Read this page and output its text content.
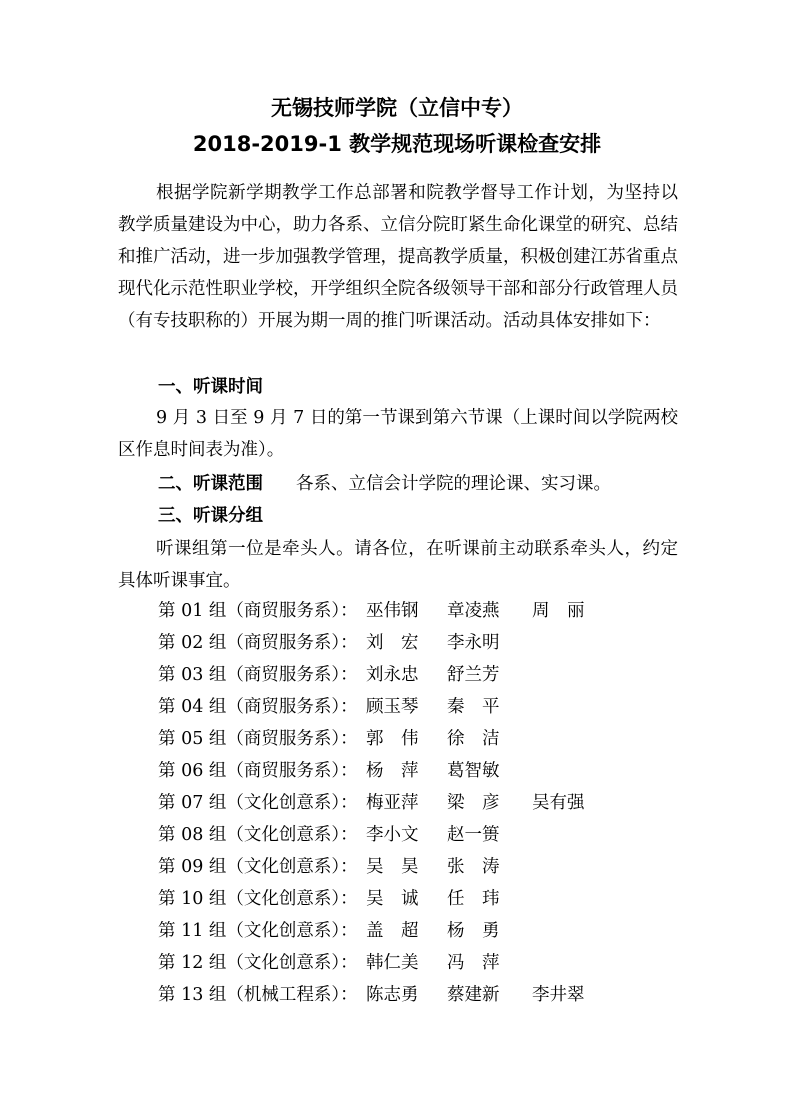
无锡技师学院（立信中专）
2018-2019-1 教学规范现场听课检查安排
根据学院新学期教学工作总部署和院教学督导工作计划，为坚持以教学质量建设为中心，助力各系、立信分院盯紧生命化课堂的研究、总结和推广活动，进一步加强教学管理，提高教学质量，积极创建江苏省重点现代化示范性职业学校，开学组织全院各级领导干部和部分行政管理人员（有专技职称的）开展为期一周的推门听课活动。活动具体安排如下：
一、听课时间
9 月 3 日至 9 月 7 日的第一节课到第六节课（上课时间以学院两校区作息时间表为准）。
二、听课范围 各系、立信会计学院的理论课、实习课。
三、听课分组
听课组第一位是牵头人。请各位，在听课前主动联系牵头人，约定具体听课事宜。
第 01 组（商贸服务系）： 巫伟钢 章凌燕 周　丽
第 02 组（商贸服务系）： 刘　宏 李永明
第 03 组（商贸服务系）： 刘永忠 舒兰芳
第 04 组（商贸服务系）： 顾玉琴 秦　平
第 05 组（商贸服务系）： 郭　伟 徐　洁
第 06 组（商贸服务系）： 杨　萍 葛智敏
第 07 组（文化创意系）： 梅亚萍 梁　彦 吴有强
第 08 组（文化创意系）： 李小文 赵一篑
第 09 组（文化创意系）： 吴　昊 张　涛
第 10 组（文化创意系）： 吴　诚 任　玮
第 11 组（文化创意系）： 盖　超 杨　勇
第 12 组（文化创意系）： 韩仁美 冯　萍
第 13 组（机械工程系）： 陈志勇 蔡建新 李井翠
